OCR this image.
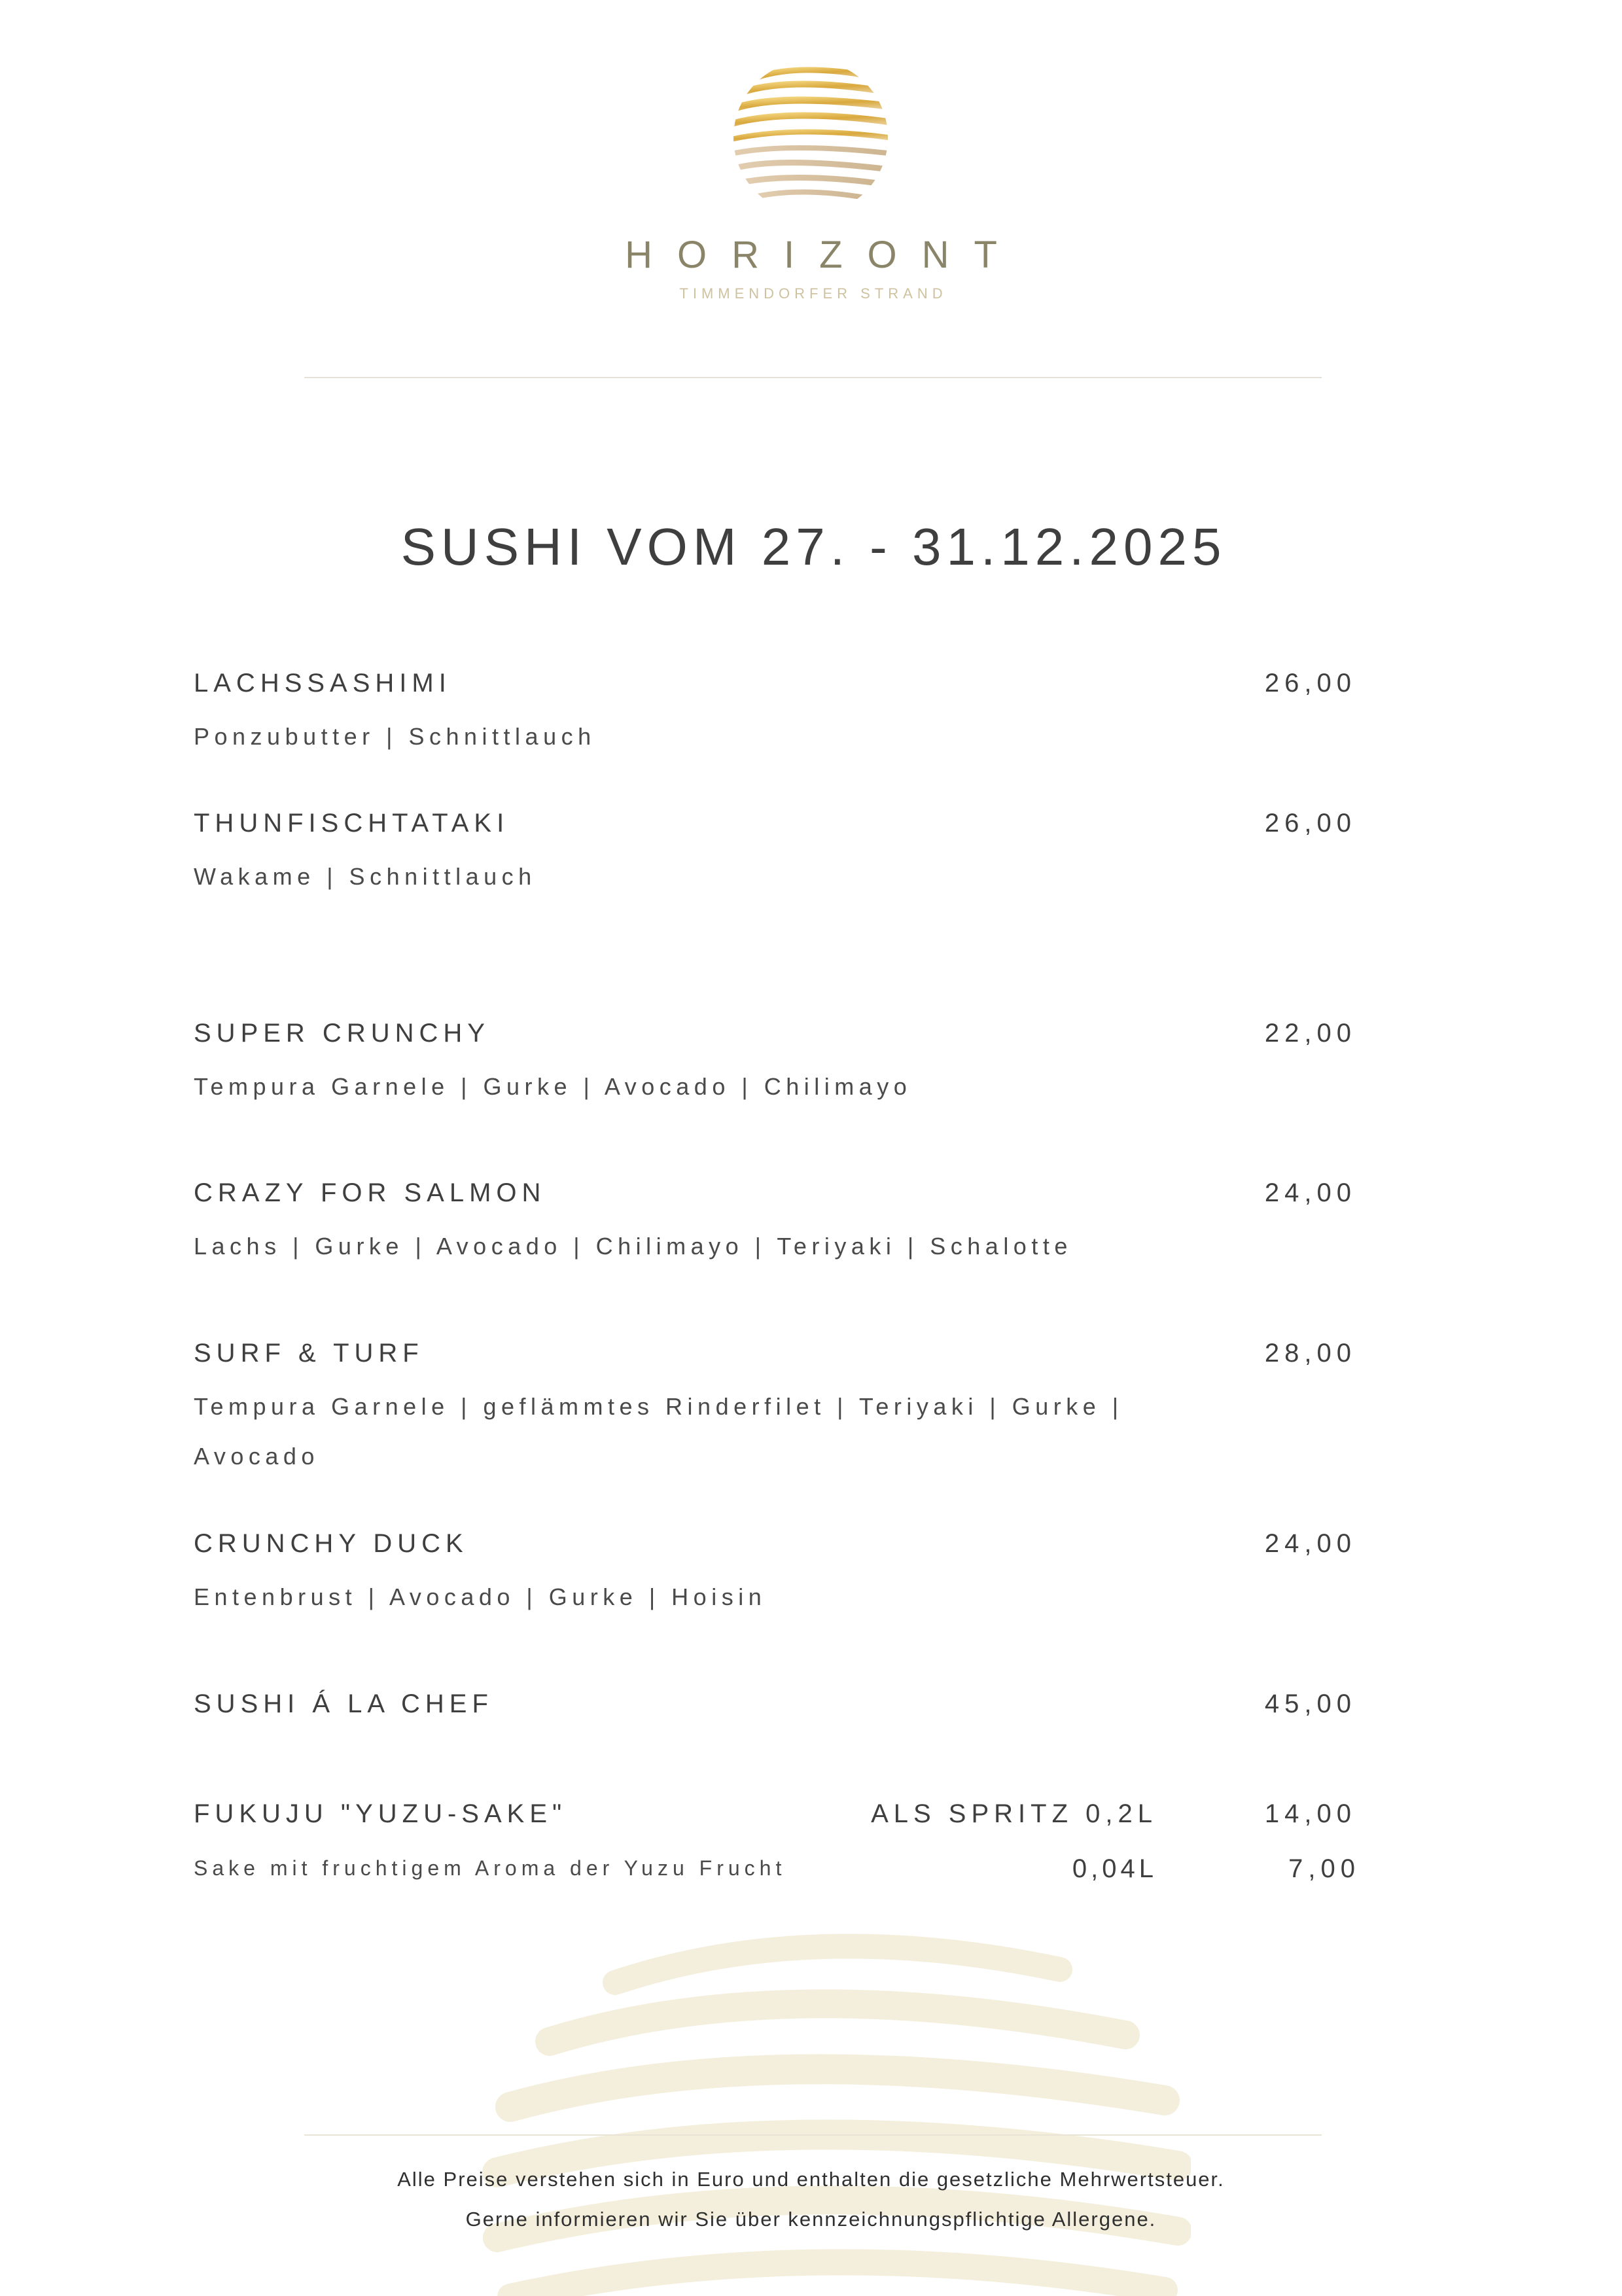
HORIZONT
TIMMENDORFER STRAND
SUSHI VOM 27. - 31.12.2025
LACHSSASHIMI	26,00
Ponzubutter | Schnittlauch
THUNFISCHTATAKI	26,00
Wakame | Schnittlauch
SUPER CRUNCHY	22,00
Tempura Garnele | Gurke | Avocado | Chilimayo
CRAZY FOR SALMON	24,00
Lachs | Gurke | Avocado | Chilimayo | Teriyaki | Schalotte
SURF & TURF	28,00
Tempura Garnele | geflämmtes Rinderfilet | Teriyaki | Gurke |
Avocado
CRUNCHY DUCK	24,00
Entenbrust | Avocado | Gurke | Hoisin
SUSHI Á LA CHEF	45,00
FUKUJU "YUZU-SAKE"	ALS SPRITZ 0,2L	14,00
Sake mit fruchtigem Aroma der Yuzu Frucht	0,04L	7,00
Alle Preise verstehen sich in Euro und enthalten die gesetzliche Mehrwertsteuer.
Gerne informieren wir Sie über kennzeichnungspflichtige Allergene.
